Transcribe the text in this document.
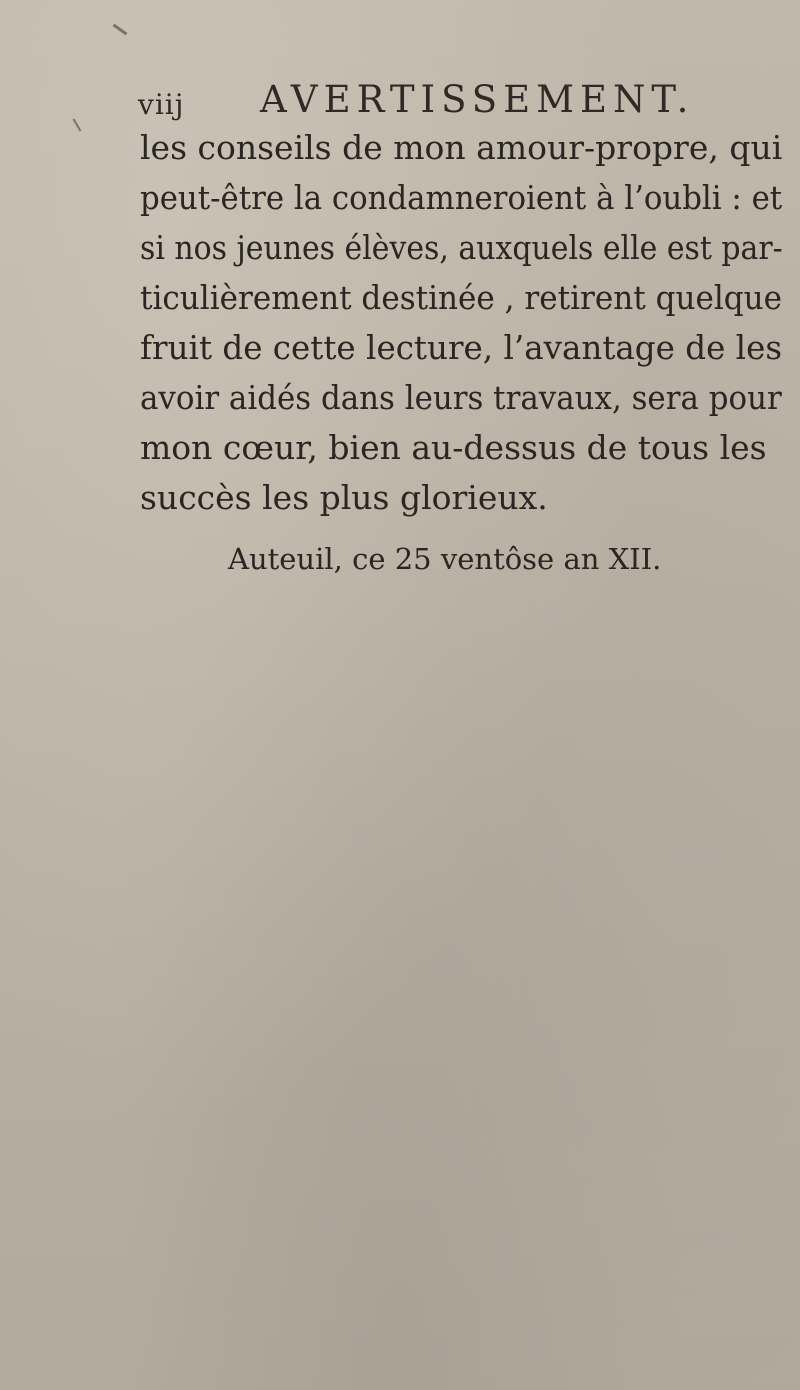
viij AVERTISSEMENT.
les conseils de mon amour-propre, qui
peut-être la condamneroient à l’oubli : et
si nos jeunes élèves, auxquels elle est par-
ticulièrement destinée , retirent quelque
fruit de cette lecture, l’avantage de les
avoir aidés dans leurs travaux, sera pour
mon cœur, bien au-dessus de tous les
succès les plus glorieux.
Auteuil, ce 25 ventôse an XII.
